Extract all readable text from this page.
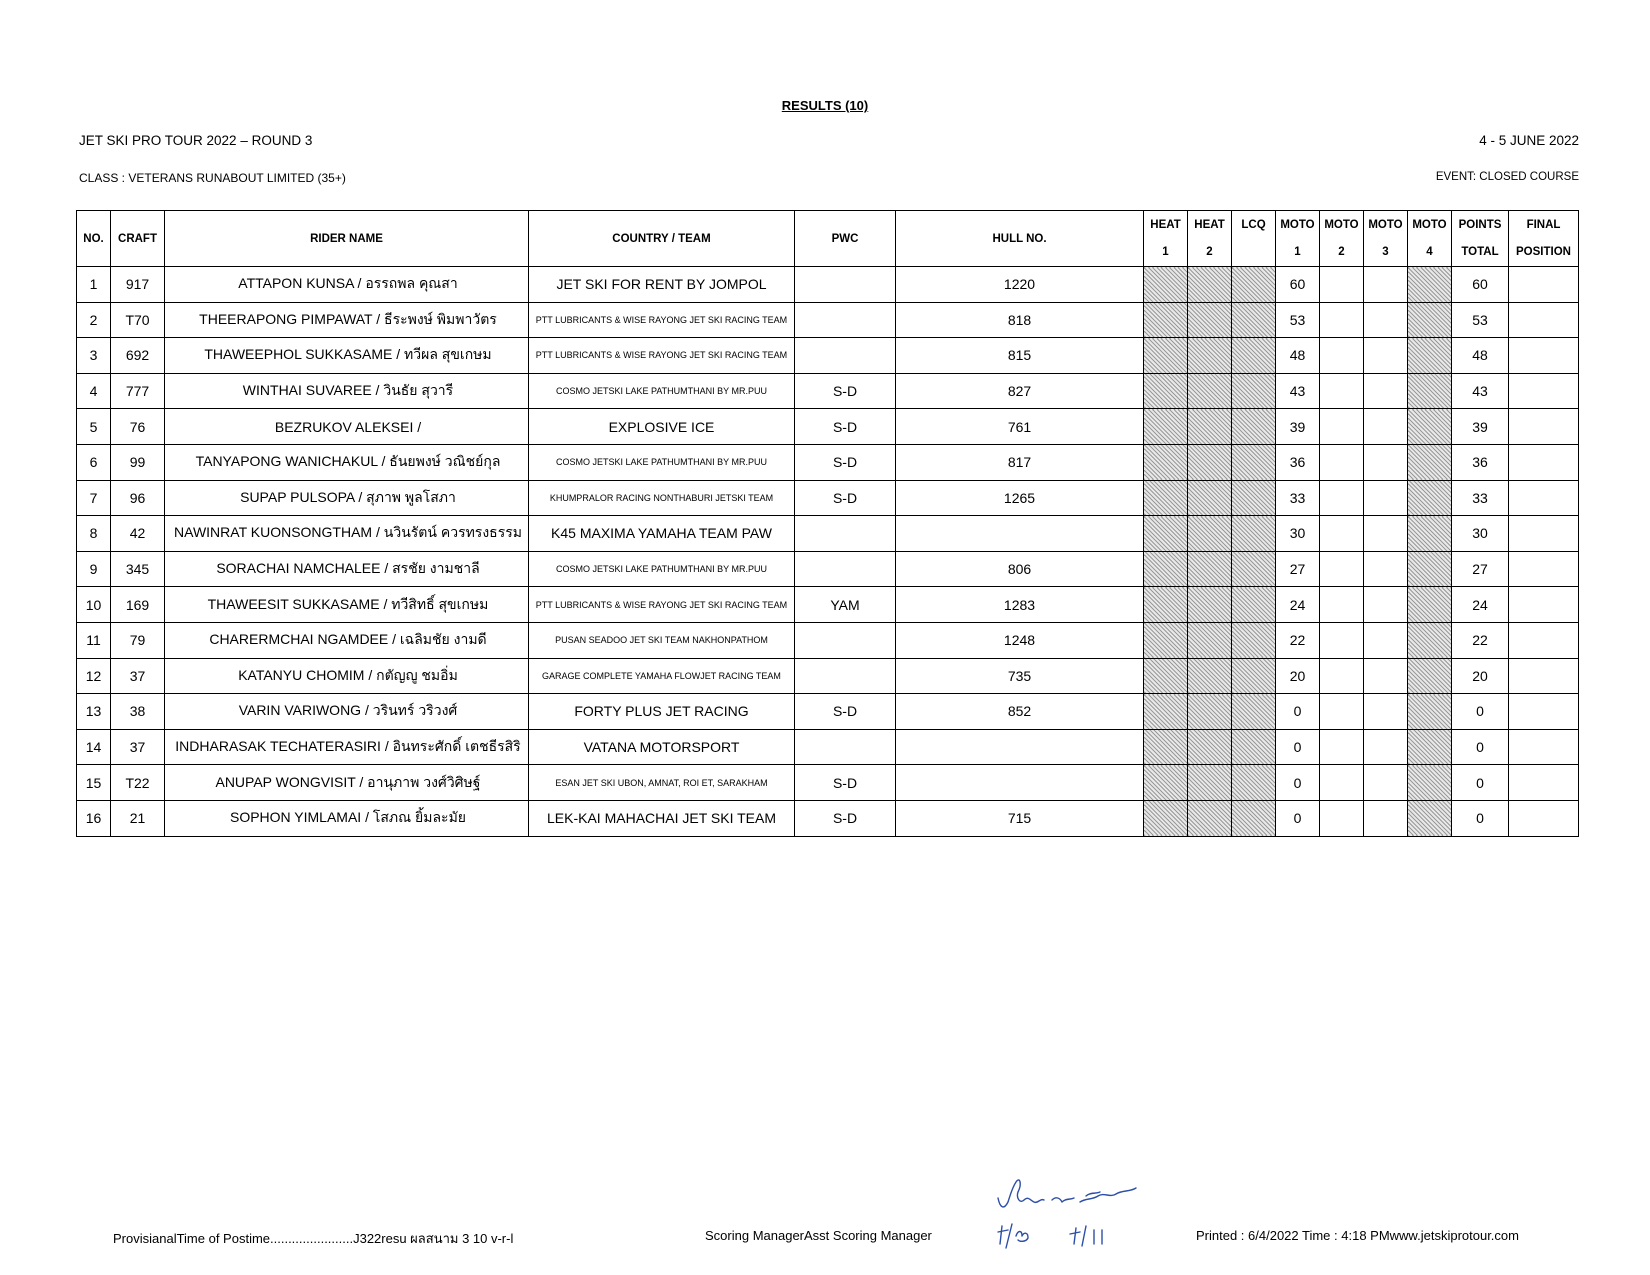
RESULTS (10)
JET SKI PRO TOUR 2022 – ROUND 3	4 - 5 JUNE 2022
CLASS : VETERANS RUNABOUT LIMITED (35+)	EVENT: CLOSED COURSE
NO.	CRAFT	RIDER NAME	COUNTRY / TEAM	PWC	HULL NO.	HEAT	HEAT	LCQ	MOTO	MOTO	MOTO	MOTO	POINTS	FINAL
						1	2		1	2	3	4	TOTAL	POSITION
1	917	ATTAPON KUNSA / อรรถพล คุณสา	JET SKI FOR RENT BY JOMPOL		1220				60				60	
2	T70	THEERAPONG PIMPAWAT / ธีระพงษ์ พิมพาวัตร	PTT LUBRICANTS & WISE RAYONG JET SKI RACING TEAM		818				53				53	
3	692	THAWEEPHOL SUKKASAME / ทวีผล สุขเกษม	PTT LUBRICANTS & WISE RAYONG JET SKI RACING TEAM		815				48				48	
4	777	WINTHAI SUVAREE / วินธัย สุวารี	COSMO JETSKI LAKE PATHUMTHANI BY MR.PUU	S-D	827				43				43	
5	76	BEZRUKOV ALEKSEI /	EXPLOSIVE ICE	S-D	761				39				39	
6	99	TANYAPONG WANICHAKUL / ธันยพงษ์ วณิชย์กุล	COSMO JETSKI LAKE PATHUMTHANI BY MR.PUU	S-D	817				36				36	
7	96	SUPAP PULSOPA / สุภาพ พูลโสภา	KHUMPRALOR RACING NONTHABURI JETSKI TEAM	S-D	1265				33				33	
8	42	NAWINRAT KUONSONGTHAM / นวินรัตน์ ควรทรงธรรม	K45 MAXIMA YAMAHA TEAM PAW						30				30	
9	345	SORACHAI NAMCHALEE / สรชัย งามชาลี	COSMO JETSKI LAKE PATHUMTHANI BY MR.PUU		806				27				27	
10	169	THAWEESIT SUKKASAME / ทวีสิทธิ์ สุขเกษม	PTT LUBRICANTS & WISE RAYONG JET SKI RACING TEAM	YAM	1283				24				24	
11	79	CHARERMCHAI NGAMDEE / เฉลิมชัย งามดี	PUSAN SEADOO JET SKI TEAM NAKHONPATHOM		1248				22				22	
12	37	KATANYU CHOMIM / กตัญญู ชมอิ่ม	GARAGE COMPLETE YAMAHA FLOWJET RACING TEAM		735				20				20	
13	38	VARIN VARIWONG / วรินทร์ วริวงศ์	FORTY PLUS JET RACING	S-D	852				0				0	
14	37	INDHARASAK TECHATERASIRI / อินทระศักดิ์ เตชธีรสิริ	VATANA MOTORSPORT						0				0	
15	T22	ANUPAP WONGVISIT / อานุภาพ วงศ์วิศิษฐ์	ESAN JET SKI UBON, AMNAT, ROI ET, SARAKHAM	S-D					0				0	
16	21	SOPHON YIMLAMAI / โสภณ ยิ้มละมัย	LEK-KAI MAHACHAI JET SKI TEAM	S-D	715				0				0	
ProvisianalTime of Postime.......................J322resu ผลสนาม 3 10 v-r-l	Scoring ManagerAsst Scoring Manager	Printed : 6/4/2022 Time : 4:18 PMwww.jetskiprotour.com
